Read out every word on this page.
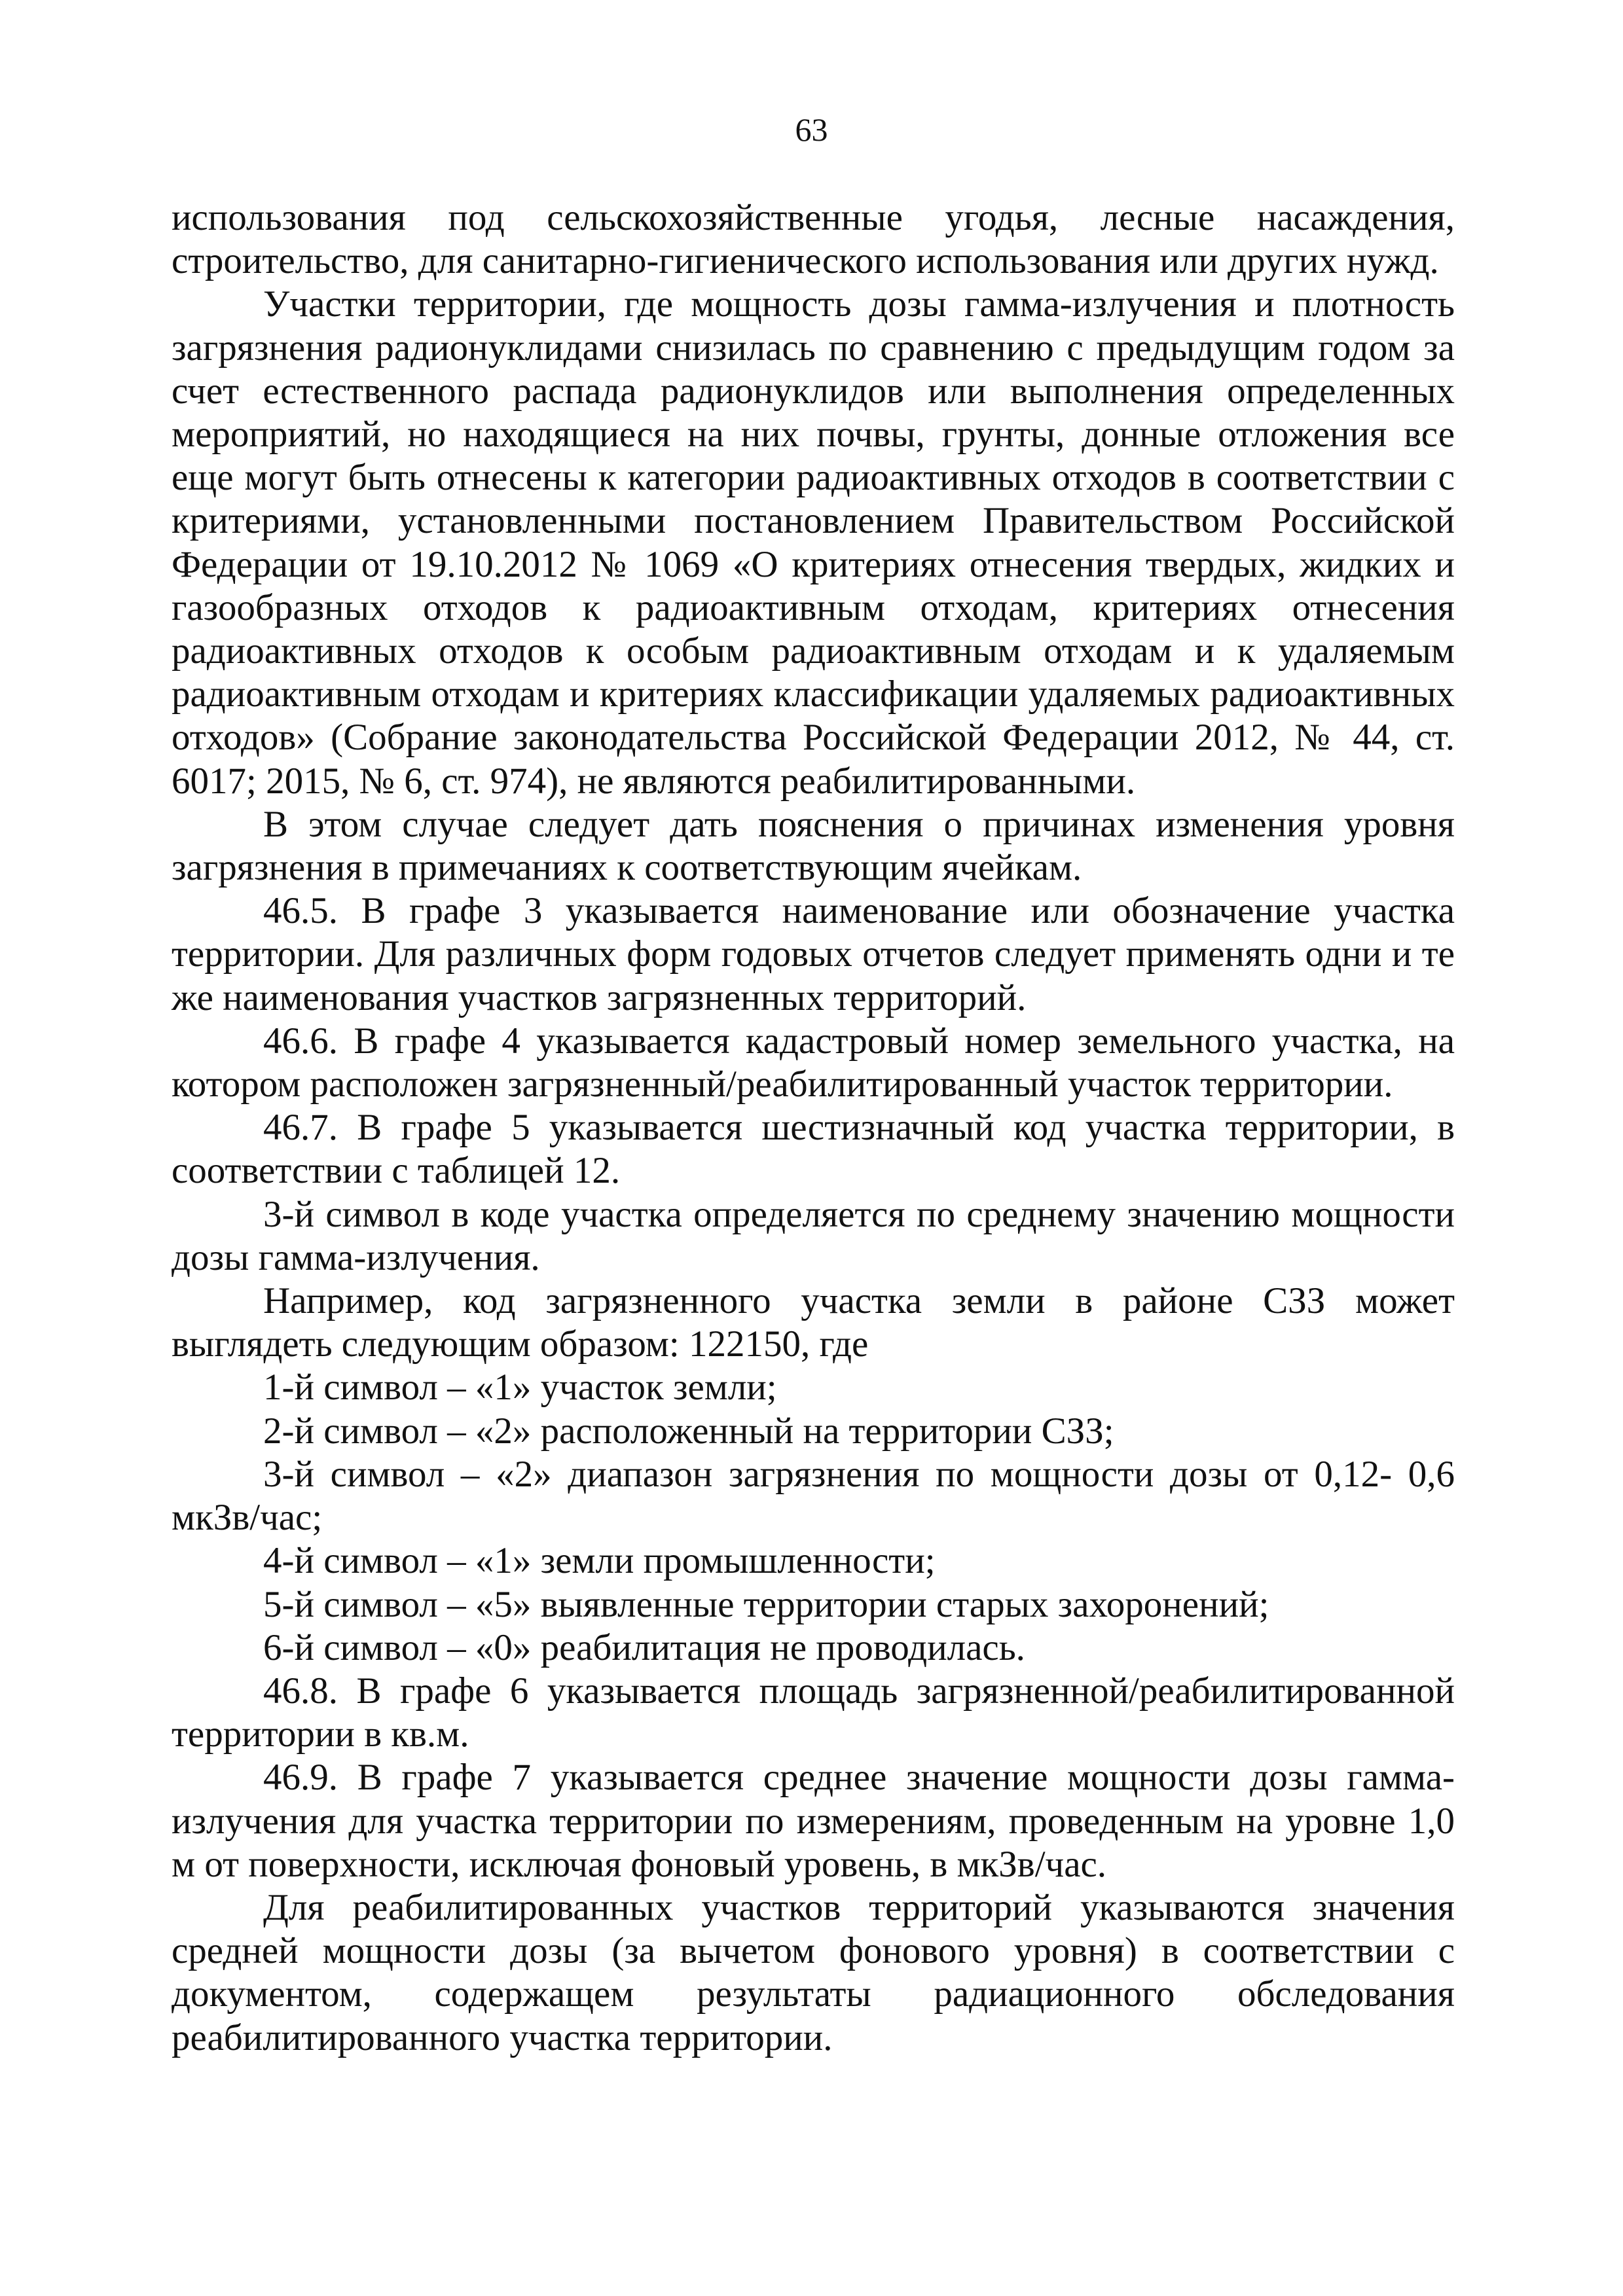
63

использования под сельскохозяйственные угодья, лесные насаждения, строительство, для санитарно-гигиенического использования или других нужд.

Участки территории, где мощность дозы гамма-излучения и плотность загрязнения радионуклидами снизилась по сравнению с предыдущим годом за счет естественного распада радионуклидов или выполнения определенных мероприятий, но находящиеся на них почвы, грунты, донные отложения все еще могут быть отнесены к категории радиоактивных отходов в соответствии с критериями, установленными постановлением Правительством Российской Федерации от 19.10.2012 № 1069 «О критериях отнесения твердых, жидких и газообразных отходов к радиоактивным отходам, критериях отнесения радиоактивных отходов к особым радиоактивным отходам и к удаляемым радиоактивным отходам и критериях классификации удаляемых радиоактивных отходов» (Собрание законодательства Российской Федерации 2012, № 44, ст. 6017; 2015, № 6, ст. 974), не являются реабилитированными.

В этом случае следует дать пояснения о причинах изменения уровня загрязнения в примечаниях к соответствующим ячейкам.

46.5. В графе 3 указывается наименование или обозначение участка территории. Для различных форм годовых отчетов следует применять одни и те же наименования участков загрязненных территорий.

46.6. В графе 4 указывается кадастровый номер земельного участка, на котором расположен загрязненный/реабилитированный участок территории.

46.7. В графе 5 указывается шестизначный код участка территории, в соответствии с таблицей 12.

3-й символ в коде участка определяется по среднему значению мощности дозы гамма-излучения.

Например, код загрязненного участка земли в районе СЗЗ может выглядеть следующим образом: 122150, где

1-й символ – «1» участок земли;

2-й символ – «2» расположенный на территории СЗЗ;

3-й символ – «2» диапазон загрязнения по мощности дозы от 0,12- 0,6 мкЗв/час;

4-й символ – «1» земли промышленности;

5-й символ – «5» выявленные территории старых захоронений;

6-й символ – «0» реабилитация не проводилась.

46.8. В графе 6 указывается площадь загрязненной/реабилитированной территории в кв.м.

46.9. В графе 7 указывается среднее значение мощности дозы гамма-излучения для участка территории по измерениям, проведенным на уровне 1,0 м от поверхности, исключая фоновый уровень, в мкЗв/час.

Для реабилитированных участков территорий указываются значения средней мощности дозы (за вычетом фонового уровня) в соответствии с документом, содержащем результаты радиационного обследования реабилитированного участка территории.
